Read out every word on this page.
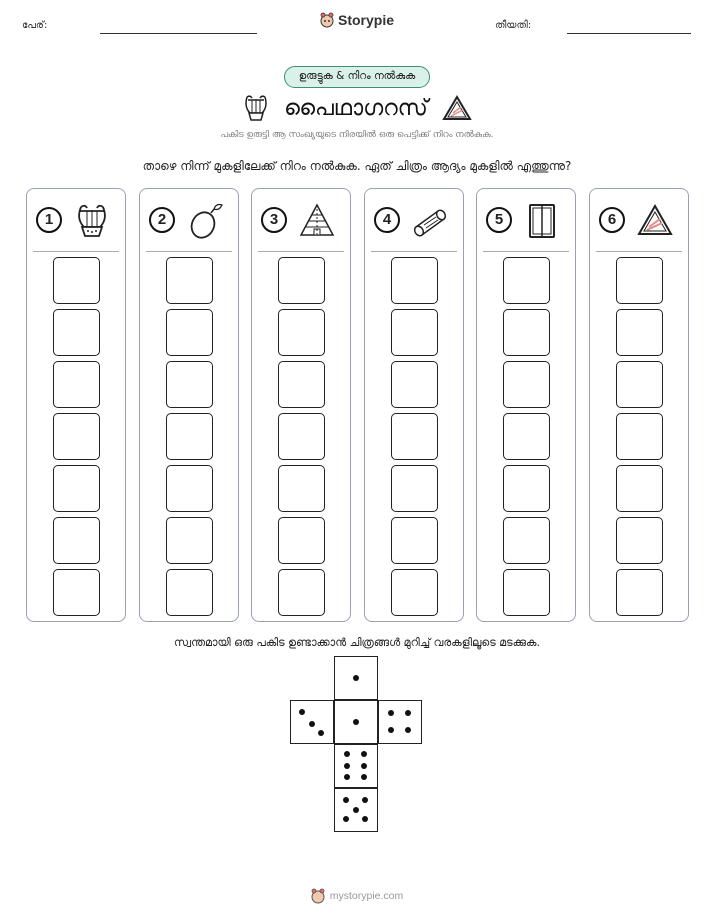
പേര്:	Storypie	തീയതി:
ഉരുട്ടുക & നിറം നൽകുക
പൈഥാഗറസ്
പകിട ഉരുട്ടി ആ സംഖ്യയുടെ നിരയിൽ ഒരു പെട്ടിക്ക് നിറം നൽകുക.
താഴെ നിന്ന് മുകളിലേക്ക് നിറം നൽകുക. ഏത് ചിത്രം ആദ്യം മുകളിൽ എത്തുന്നു?
1	2	3	4	5	6
സ്വന്തമായി ഒരു പകിട ഉണ്ടാക്കാൻ ചിത്രങ്ങൾ മുറിച്ച് വരകളിലൂടെ മടക്കുക.
mystorypie.com
